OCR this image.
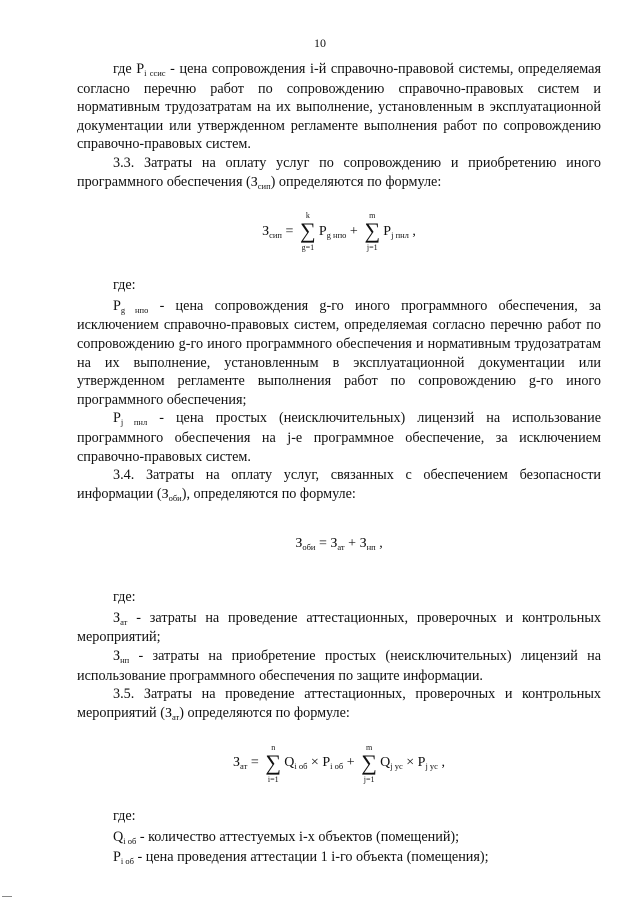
10

где $P_{i ссис}$ - цена сопровождения i-й справочно-правовой системы, определяемая согласно перечню работ по сопровождению справочно-правовых систем и нормативным трудозатратам на их выполнение, установленным в эксплуатационной документации или утвержденном регламенте выполнения работ по сопровождению справочно-правовых систем.

3.3. Затраты на оплату услуг по сопровождению и приобретению иного программного обеспечения $(З_{сип})$ определяются по формуле:

$З_{сип}$ =
k
∑
g=1
$P_{g нпо}$ +
m
∑
j=1
$P_{j пнл}$ ,

где:

$P_{g нпо}$ - цена сопровождения g-го иного программного обеспечения, за исключением справочно-правовых систем, определяемая согласно перечню работ по сопровождению g-го иного программного обеспечения и нормативным трудозатратам на их выполнение, установленным в эксплуатационной документации или утвержденном регламенте выполнения работ по сопровождению g-го иного программного обеспечения;

$P_{j пнл}$ - цена простых (неисключительных) лицензий на использование программного обеспечения на j-е программное обеспечение, за исключением справочно-правовых систем.

3.4. Затраты на оплату услуг, связанных с обеспечением безопасности информации $(З_{оби})$, определяются по формуле:

$З_{оби} = З_{ат} + З_{нп}$ ,

где:

$З_{ат}$ - затраты на проведение аттестационных, проверочных и контрольных мероприятий;

$З_{нп}$ - затраты на приобретение простых (неисключительных) лицензий на использование программного обеспечения по защите информации.

3.5. Затраты на проведение аттестационных, проверочных и контрольных мероприятий $(З_{ат})$ определяются по формуле:

$З_{ат}$ =
n
∑
i=1
$Q_{i об} \times P_{i об}$ +
m
∑
j=1
$Q_{j ус} \times P_{j ус}$ ,

где:

$Q_{i об}$ - количество аттестуемых i-х объектов (помещений);

$P_{i об}$ - цена проведения аттестации 1 i-го объекта (помещения);
